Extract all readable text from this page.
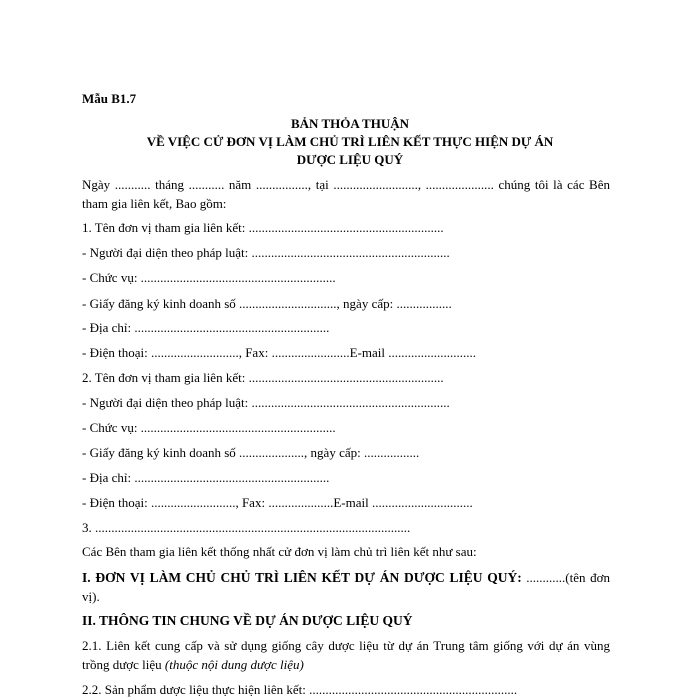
Mẫu B1.7
BẢN THỎA THUẬN
VỀ VIỆC CỬ ĐƠN VỊ LÀM CHỦ TRÌ LIÊN KẾT THỰC HIỆN DỰ ÁN
DƯỢC LIỆU QUÝ
Ngày ........... tháng ........... năm ................, tại .........................., ..................... chúng tôi là các Bên tham gia liên kết, Bao gồm:
1. Tên đơn vị tham gia liên kết: ............................................................
- Người đại diện theo pháp luật: .............................................................
- Chức vụ: ............................................................
- Giấy đăng ký kinh doanh số .............................., ngày cấp: .................
- Địa chỉ: ............................................................
- Điện thoại: ..........................., Fax: ........................E-mail ...........................
2. Tên đơn vị tham gia liên kết: ............................................................
- Người đại diện theo pháp luật: .............................................................
- Chức vụ: ............................................................
- Giấy đăng ký kinh doanh số ...................., ngày cấp: .................
- Địa chỉ: ............................................................
- Điện thoại: .........................., Fax: ....................E-mail ...............................
3. .................................................................................................
Các Bên tham gia liên kết thống nhất cử đơn vị làm chủ trì liên kết như sau:
I. ĐƠN VỊ LÀM CHỦ CHỦ TRÌ LIÊN KẾT DỰ ÁN DƯỢC LIỆU QUÝ: ............(tên đơn vị).
II. THÔNG TIN CHUNG VỀ DỰ ÁN DƯỢC LIỆU QUÝ
2.1. Liên kết cung cấp và sử dụng giống cây dược liệu từ dự án Trung tâm giống với dự án vùng trồng dược liệu (thuộc nội dung dược liệu)
2.2. Sản phẩm dược liệu thực hiện liên kết: ................................................................
